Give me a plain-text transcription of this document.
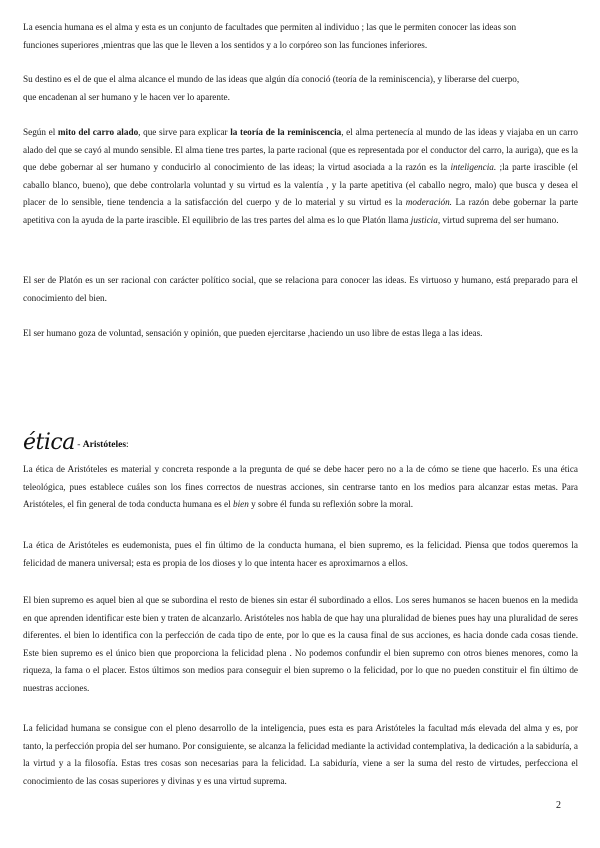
La esencia humana es el alma y esta es un conjunto de facultades que permiten al individuo ; las que le permiten conocer las ideas son
funciones superiores ,mientras que las que le lleven a los sentidos y a lo corpóreo son las funciones inferiores.

Su destino es el de que el alma alcance el mundo de las ideas que algún día conoció (teoría de la reminiscencia), y liberarse del cuerpo,
que encadenan al ser humano y le hacen ver lo aparente.

Según el mito del carro alado, que sirve para explicar la teoría de la reminiscencia, el alma pertenecía al mundo de las ideas y viajaba en un carro alado del que se cayó al mundo sensible. El alma tiene tres partes, la parte racional (que es representada por el conductor del carro, la auriga), que es la que debe gobernar al ser humano y conducirlo al conocimiento de las ideas; la virtud asociada a la razón es la inteligencia. ;la parte irascible (el caballo blanco, bueno), que debe controlarla voluntad y su virtud es la valentía , y la parte apetitiva (el caballo negro, malo) que busca y desea el placer de lo sensible, tiene tendencia a la satisfacción del cuerpo y de lo material y su virtud es la moderación. La razón debe gobernar la parte apetitiva con la ayuda de la parte irascible. El equilibrio de las tres partes del alma es lo que Platón llama justicia, virtud suprema del ser humano.

El ser de Platón es un ser racional con carácter político social, que se relaciona para conocer las ideas. Es virtuoso y humano, está preparado para el conocimiento del bien.

El ser humano goza de voluntad, sensación y opinión, que pueden ejercitarse ,haciendo un uso libre de estas llega a las ideas.

ética - Aristóteles:

La ética de Aristóteles es material y concreta responde a la pregunta de qué se debe hacer pero no a la de cómo se tiene que hacerlo. Es una ética teleológica, pues establece cuáles son los fines correctos de nuestras acciones, sin centrarse tanto en los medios para alcanzar estas metas. Para Aristóteles, el fin general de toda conducta humana es el bien y sobre él funda su reflexión sobre la moral.

La ética de Aristóteles es eudemonista, pues el fin último de la conducta humana, el bien supremo, es la felicidad. Piensa que todos queremos la felicidad de manera universal; esta es propia de los dioses y lo que intenta hacer es aproximarnos a ellos.

El bien supremo es aquel bien al que se subordina el resto de bienes sin estar él subordinado a ellos. Los seres humanos se hacen buenos en la medida en que aprenden identificar este bien y traten de alcanzarlo. Aristóteles nos habla de que hay una pluralidad de bienes pues hay una pluralidad de seres diferentes. el bien lo identifica con la perfección de cada tipo de ente, por lo que es la causa final de sus acciones, es hacia donde cada cosas tiende. Este bien supremo es el único bien que proporciona la felicidad plena . No podemos confundir el bien supremo con otros bienes menores, como la riqueza, la fama o el placer. Estos últimos son medios para conseguir el bien supremo o la felicidad, por lo que no pueden constituir el fin último de nuestras acciones.

La felicidad humana se consigue con el pleno desarrollo de la inteligencia, pues esta es para Aristóteles la facultad más elevada del alma y es, por tanto, la perfección propia del ser humano. Por consiguiente, se alcanza la felicidad mediante la actividad contemplativa, la dedicación a la sabiduría, a la virtud y a la filosofía. Estas tres cosas son necesarias para la felicidad. La sabiduría, viene a ser la suma del resto de virtudes, perfecciona el conocimiento de las cosas superiores y divinas y es una virtud suprema.

2
